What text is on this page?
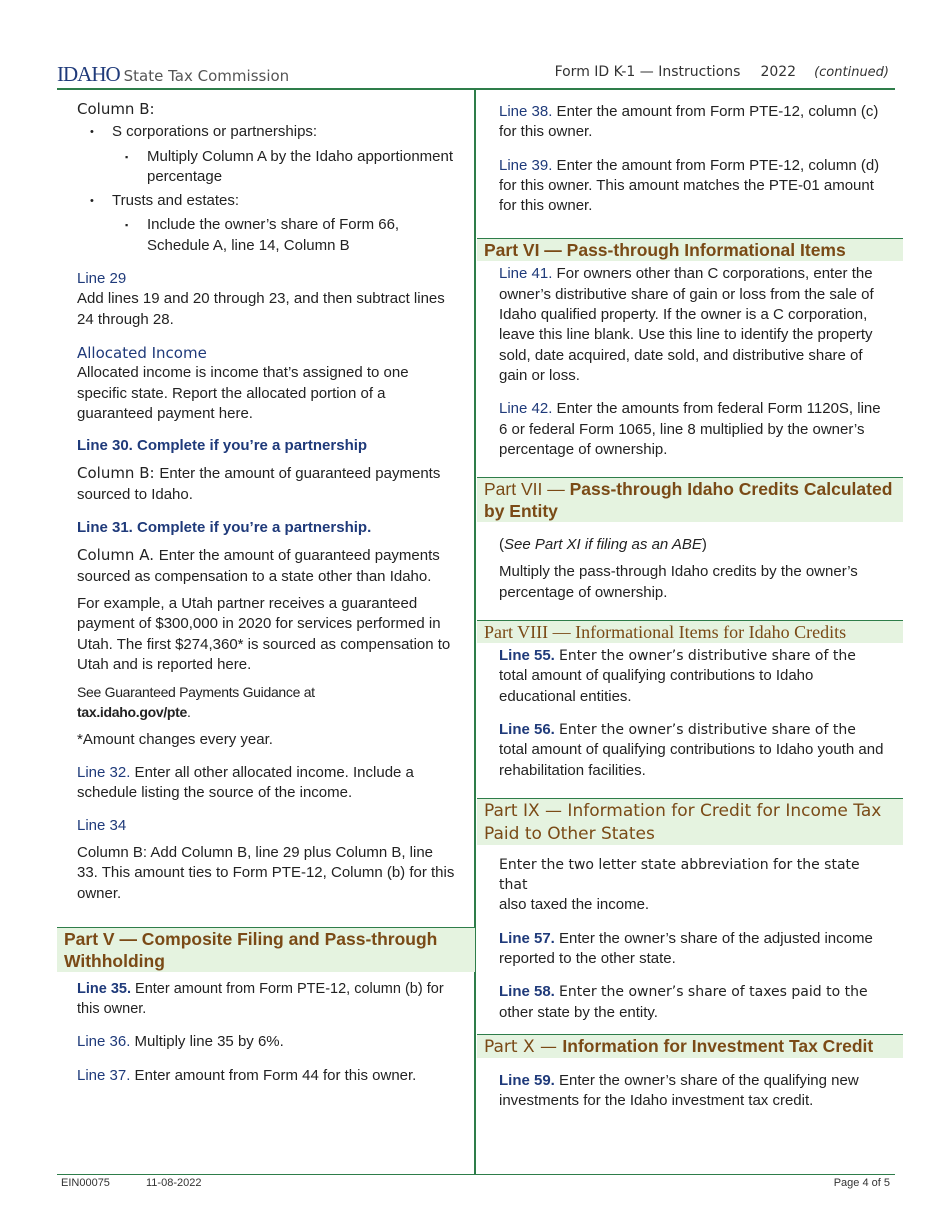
IDAHO State Tax Commission	Form ID K-1 — Instructions 2022 (continued)
Column B:
• S corporations or partnerships:
▪ Multiply Column A by the Idaho apportionment percentage
• Trusts and estates:
▪ Include the owner’s share of Form 66, Schedule A, line 14, Column B
Line 29

Add lines 19 and 20 through 23, and then subtract lines 24 through 28.

Allocated Income

Allocated income is income that’s assigned to one specific state. Report the allocated portion of a guaranteed payment here.

Line 30. Complete if you’re a partnership

Column B: Enter the amount of guaranteed payments sourced to Idaho.

Line 31. Complete if you’re a partnership.

Column A. Enter the amount of guaranteed payments sourced as compensation to a state other than Idaho.

For example, a Utah partner receives a guaranteed payment of $300,000 in 2020 for services performed in Utah. The first $274,360* is sourced as compensation to Utah and is reported here.

See Guaranteed Payments Guidance at
tax.idaho.gov/pte.

*Amount changes every year.

Line 32. Enter all other allocated income. Include a schedule listing the source of the income.

Line 34

Column B: Add Column B, line 29 plus Column B, line 33. This amount ties to Form PTE-12, Column (b) for this owner.

Part V — Composite Filing and Pass-through Withholding

Line 35. Enter amount from Form PTE-12, column (b) for this owner.

Line 36. Multiply line 35 by 6%.

Line 37. Enter amount from Form 44 for this owner.

Line 38. Enter the amount from Form PTE-12, column (c) for this owner.

Line 39. Enter the amount from Form PTE-12, column (d) for this owner. This amount matches the PTE-01 amount for this owner.

Part VI — Pass-through Informational Items

Line 41. For owners other than C corporations, enter the owner’s distributive share of gain or loss from the sale of Idaho qualified property. If the owner is a C corporation, leave this line blank. Use this line to identify the property sold, date acquired, date sold, and distributive share of gain or loss.

Line 42. Enter the amounts from federal Form 1120S, line 6 or federal Form 1065, line 8 multiplied by the owner’s percentage of ownership.

Part VII — Pass-through Idaho Credits Calculated by Entity

(See Part XI if filing as an ABE)

Multiply the pass-through Idaho credits by the owner’s percentage of ownership.

Part VIII — Informational Items for Idaho Credits

Line 55. Enter the owner’s distributive share of the
total amount of qualifying contributions to Idaho educational entities.

Line 56. Enter the owner’s distributive share of the
total amount of qualifying contributions to Idaho youth and rehabilitation facilities.

Part IX — Information for Credit for Income Tax Paid to Other States

Enter the two letter state abbreviation for the state that
also taxed the income.

Line 57. Enter the owner’s share of the adjusted income reported to the other state.

Line 58. Enter the owner’s share of taxes paid to the
other state by the entity.

Part X — Information for Investment Tax Credit

Line 59. Enter the owner’s share of the qualifying new investments for the Idaho investment tax credit.

EIN00075	11-08-2022	Page 4 of 5
